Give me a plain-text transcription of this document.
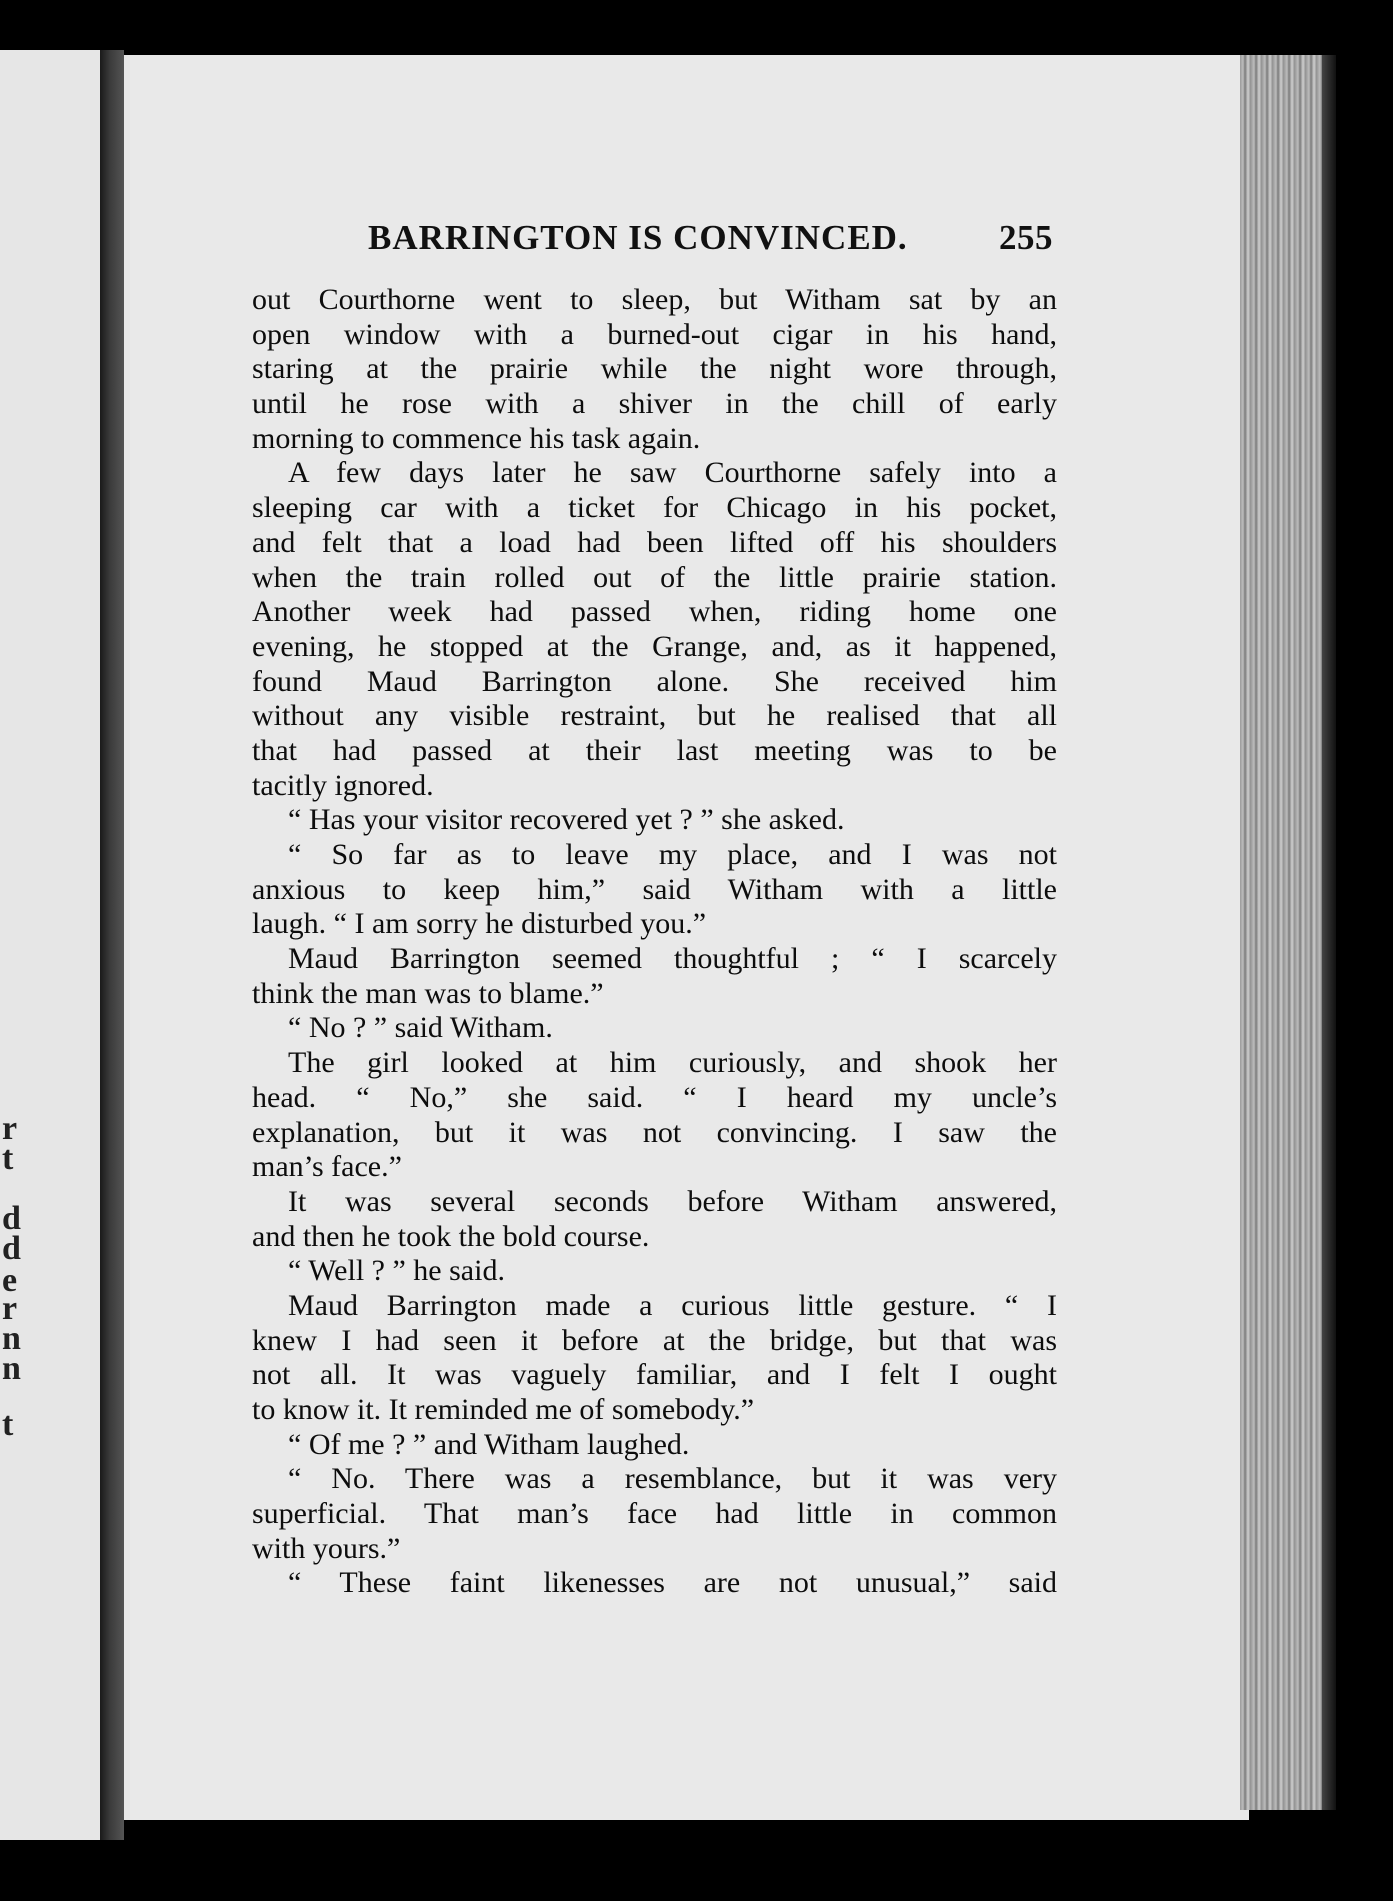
r
t
d
d
e
r
n
n
t
BARRINGTON IS CONVINCED.	255
out Courthorne went to sleep, but Witham sat by an
open window with a burned-out cigar in his hand,
staring at the prairie while the night wore through,
until he rose with a shiver in the chill of early
morning to commence his task again.
A few days later he saw Courthorne safely into a
sleeping car with a ticket for Chicago in his pocket,
and felt that a load had been lifted off his shoulders
when the train rolled out of the little prairie station.
Another week had passed when, riding home one
evening, he stopped at the Grange, and, as it happened,
found Maud Barrington alone. She received him
without any visible restraint, but he realised that all
that had passed at their last meeting was to be
tacitly ignored.
“ Has your visitor recovered yet ? ” she asked.
“ So far as to leave my place, and I was not
anxious to keep him,” said Witham with a little
laugh. “ I am sorry he disturbed you.”
Maud Barrington seemed thoughtful ; “ I scarcely
think the man was to blame.”
“ No ? ” said Witham.
The girl looked at him curiously, and shook her
head. “ No,” she said. “ I heard my uncle’s
explanation, but it was not convincing. I saw the
man’s face.”
It was several seconds before Witham answered,
and then he took the bold course.
“ Well ? ” he said.
Maud Barrington made a curious little gesture. “ I
knew I had seen it before at the bridge, but that was
not all. It was vaguely familiar, and I felt I ought
to know it. It reminded me of somebody.”
“ Of me ? ” and Witham laughed.
“ No. There was a resemblance, but it was very
superficial. That man’s face had little in common
with yours.”
“ These faint likenesses are not unusual,” said
